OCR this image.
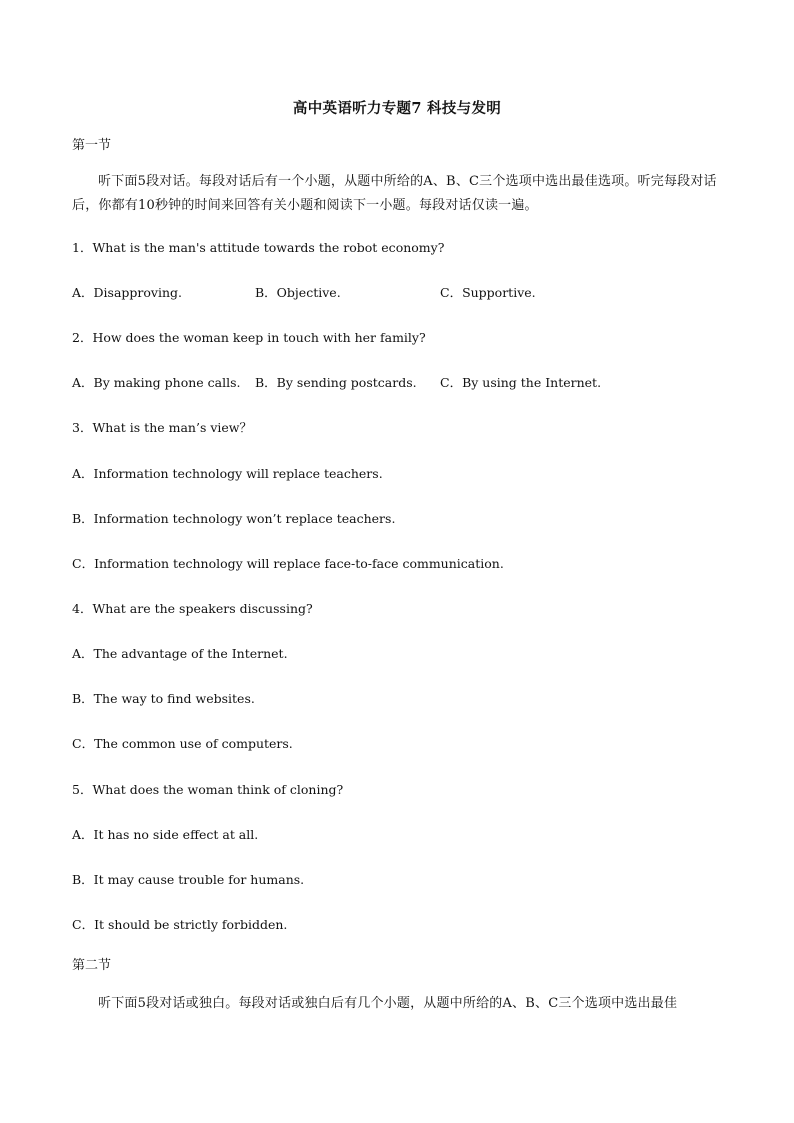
高中英语听力专题7 科技与发明
第一节
听下面5段对话。每段对话后有一个小题，从题中所给的A、B、C三个选项中选出最佳选项。听完每段对话后，你都有10秒钟的时间来回答有关小题和阅读下一小题。每段对话仅读一遍。
1．What is the man's attitude towards the robot economy?
A．Disapproving.	B．Objective.	C．Supportive.
2．How does the woman keep in touch with her family?
A．By making phone calls. B．By sending postcards. C．By using the Internet.
3．What is the man’s view？
A．Information technology will replace teachers.
B．Information technology won’t replace teachers.
C．Information technology will replace face-to-face communication.
4．What are the speakers discussing?
A．The advantage of the Internet.
B．The way to find websites.
C．The common use of computers.
5．What does the woman think of cloning?
A．It has no side effect at all.
B．It may cause trouble for humans.
C．It should be strictly forbidden.
第二节
听下面5段对话或独白。每段对话或独白后有几个小题，从题中所给的A、B、C三个选项中选出最佳
